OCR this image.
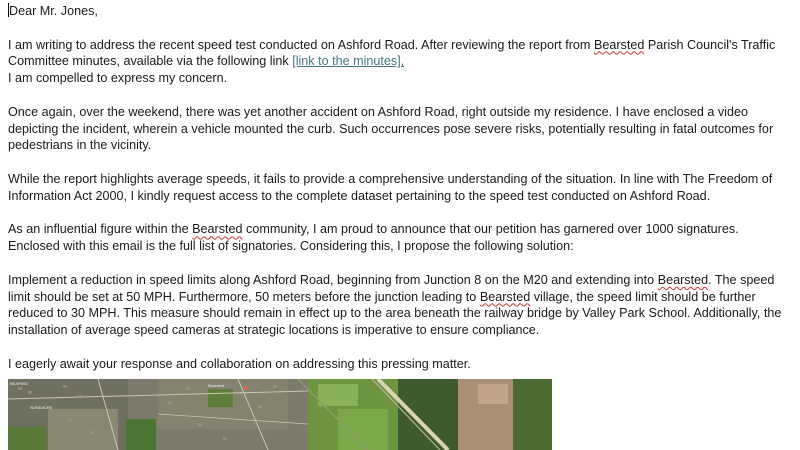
Dear Mr. Jones,

I am writing to address the recent speed test conducted on Ashford Road. After reviewing the report from Bearsted Parish Council's Traffic Committee minutes, available via the following link [link to the minutes],
I am compelled to express my concern.

Once again, over the weekend, there was yet another accident on Ashford Road, right outside my residence. I have enclosed a video depicting the incident, wherein a vehicle mounted the curb. Such occurrences pose severe risks, potentially resulting in fatal outcomes for pedestrians in the vicinity.

While the report highlights average speeds, it fails to provide a comprehensive understanding of the situation. In line with The Freedom of Information Act 2000, I kindly request access to the complete dataset pertaining to the speed test conducted on Ashford Road.

As an influential figure within the Bearsted community, I am proud to announce that our petition has garnered over 1000 signatures. Enclosed with this email is the full list of signatories. Considering this, I propose the following solution:

Implement a reduction in speed limits along Ashford Road, beginning from Junction 8 on the M20 and extending into Bearsted. The speed limit should be set at 50 MPH. Furthermore, 50 meters before the junction leading to Bearsted village, the speed limit should be further reduced to 30 MPH. This measure should remain in effect up to the area beneath the railway bridge by Valley Park School. Additionally, the installation of average speed cameras at strategic locations is imperative to ensure compliance.

I eagerly await your response and collaboration on addressing this pressing matter.

Bearsted
ROSEACRE
BEARING
